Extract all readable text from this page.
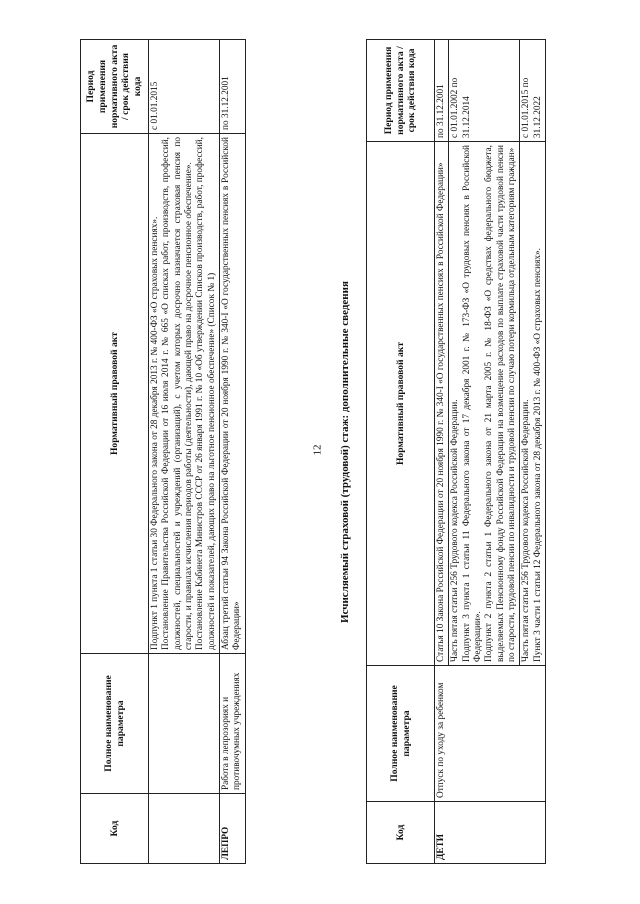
12
Код	Полное наименование параметра	Нормативный правовой акт	Период применения нормативного акта / срок действия кода

		Подпункт 1 пункта 1 статьи 30 Федерального закона от 28 декабря 2013 г. № 400-ФЗ «О страховых пенсиях». Постановление Правительства Российской Федерации от 16 июля 2014 г. № 665 «О списках работ, производств, профессий, должностей, специальностей и учреждений (организаций), с учетом которых досрочно назначается страховая пенсия по старости, и правилах исчисления периодов работы (деятельности), дающей право на досрочное пенсионное обеспечение». Постановление Кабинета Министров СССР от 26 января 1991 г. № 10 «Об утверждении Списков производств, работ, профессий, должностей и показателей, дающих право на льготное пенсионное обеспечение» (Список № 1)	с 01.01.2015
ЛЕПРО	Работа в лепрозориях и противочумных учреждениях	Абзац третий статьи 94 Закона Российской Федерации от 20 ноября 1990 г. № 340-I «О государственных пенсиях в Российской Федерации»	по 31.12.2001
Исчисляемый страховой (трудовой) стаж: дополнительные сведения
Код	Полное наименование параметра	Нормативный правовой акт	Период применения нормативного акта / срок действия кода
ДЕТИ	Отпуск по уходу за ребенком	Статья 10 Закона Российской Федерации от 20 ноября 1990 г. № 340-I «О государственных пенсиях в Российской Федерации»	по 31.12.2001

		Часть пятая статьи 256 Трудового кодекса Российской Федерации. Подпункт 3 пункта 1 статьи 11 Федерального закона от 17 декабря 2001 г. № 173-ФЗ «О трудовых пенсиях в Российской Федерации». Подпункт 2 пункта 2 статьи 1 Федерального закона от 21 марта 2005 г. № 18-ФЗ «О средствах федерального бюджета, выделяемых Пенсионному фонду Российской Федерации на возмещение расходов по выплате страховой части трудовой пенсии по старости, трудовой пенсии по инвалидности и трудовой пенсии по случаю потери кормильца отдельным категориям граждан»	с 01.01.2002 по 31.12.2014

		Часть пятая статьи 256 Трудового кодекса Российской Федерации. Пункт 3 части 1 статьи 12 Федерального закона от 28 декабря 2013 г. № 400-ФЗ «О страховых пенсиях».	с 01.01.2015 по 31.12.2022
